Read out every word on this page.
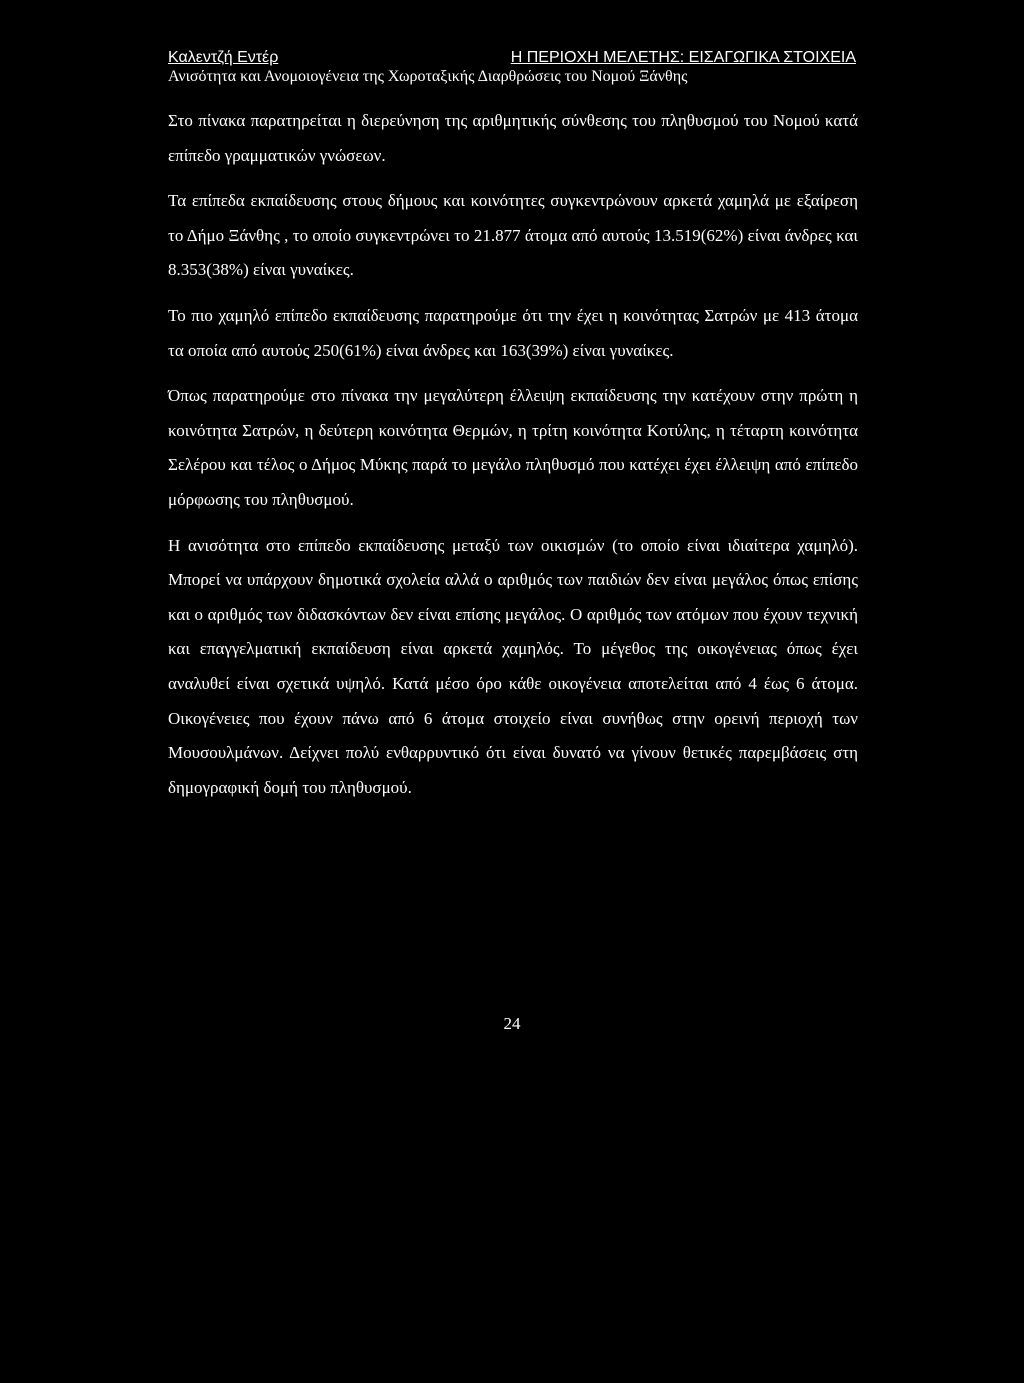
Καλεντζή Εντέρ	Η ΠΕΡΙΟΧΗ ΜΕΛΕΤΗΣ: ΕΙΣΑΓΩΓΙΚΑ ΣΤΟΙΧΕΙΑ
Ανισότητα και Ανομοιογένεια της Χωροταξικής Διαρθρώσεις του Νομού Ξάνθης

Στο πίνακα παρατηρείται η διερεύνηση της αριθμητικής σύνθεσης του πληθυσμού του Νομού κατά επίπεδο γραμματικών γνώσεων.

Τα επίπεδα εκπαίδευσης στους δήμους και κοινότητες συγκεντρώνουν αρκετά χαμηλά με εξαίρεση το Δήμο Ξάνθης , το οποίο συγκεντρώνει το 21.877 άτομα από αυτούς 13.519(62%) είναι άνδρες και 8.353(38%) είναι γυναίκες.

Το πιο χαμηλό επίπεδο εκπαίδευσης παρατηρούμε ότι την έχει η κοινότητας Σατρών με 413 άτομα τα οποία από αυτούς 250(61%) είναι άνδρες και 163(39%) είναι γυναίκες.

Όπως παρατηρούμε στο πίνακα την μεγαλύτερη έλλειψη εκπαίδευσης την κατέχουν στην πρώτη η κοινότητα Σατρών, η δεύτερη κοινότητα Θερμών, η τρίτη κοινότητα Κοτύλης, η τέταρτη κοινότητα Σελέρου και τέλος ο Δήμος Μύκης παρά το μεγάλο πληθυσμό που κατέχει έχει έλλειψη από επίπεδο μόρφωσης του πληθυσμού.

Η ανισότητα στο επίπεδο εκπαίδευσης μεταξύ των οικισμών (το οποίο είναι ιδιαίτερα χαμηλό). Μπορεί να υπάρχουν δημοτικά σχολεία αλλά ο αριθμός των παιδιών δεν είναι μεγάλος όπως επίσης και ο αριθμός των διδασκόντων δεν είναι επίσης μεγάλος. Ο αριθμός των ατόμων που έχουν τεχνική και επαγγελματική εκπαίδευση είναι αρκετά χαμηλός. Το μέγεθος της οικογένειας όπως έχει αναλυθεί είναι σχετικά υψηλό. Κατά μέσο όρο κάθε οικογένεια αποτελείται από 4 έως 6 άτομα. Οικογένειες που έχουν πάνω από 6 άτομα στοιχείο είναι συνήθως στην ορεινή περιοχή των Μουσουλμάνων. Δείχνει πολύ ενθαρρυντικό ότι είναι δυνατό να γίνουν θετικές παρεμβάσεις στη δημογραφική δομή του πληθυσμού.

24
